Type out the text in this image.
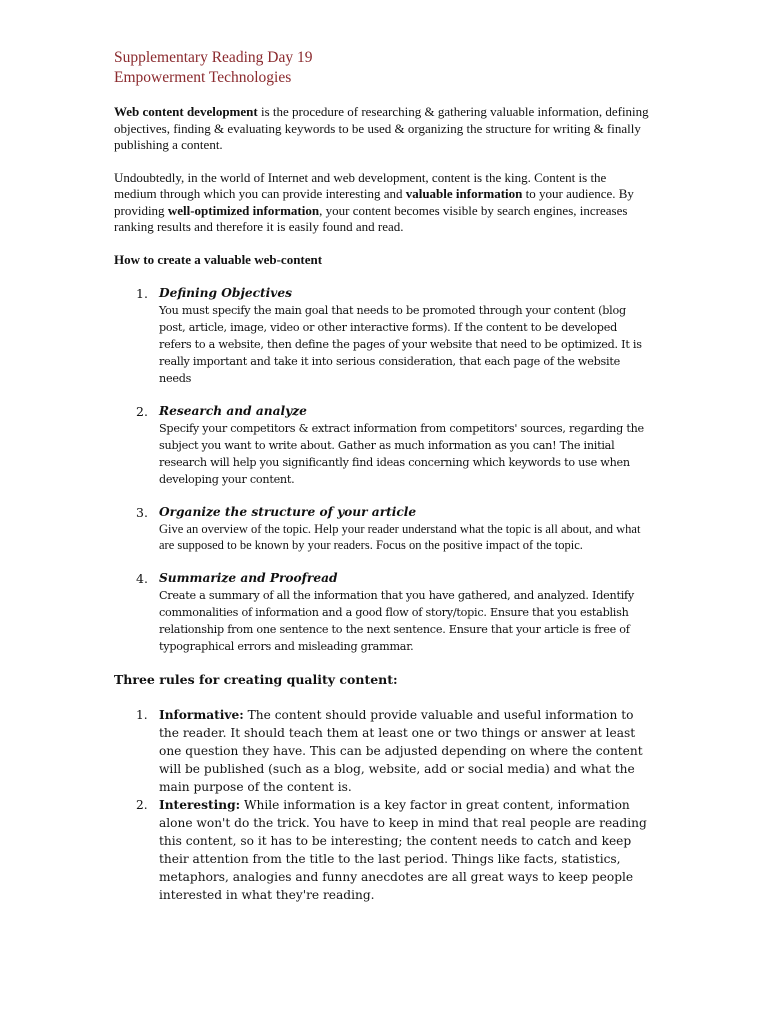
Supplementary Reading Day 19

Empowerment Technologies

Web content development is the procedure of researching & gathering valuable information, defining objectives, finding & evaluating keywords to be used & organizing the structure for writing & finally publishing a content.

Undoubtedly, in the world of Internet and web development, content is the king. Content is the medium through which you can provide interesting and valuable information to your audience. By providing well-optimized information, your content becomes visible by search engines, increases ranking results and therefore it is easily found and read.

How to create a valuable web-content

1. Defining Objectives
You must specify the main goal that needs to be promoted through your content (blog post, article, image, video or other interactive forms). If the content to be developed refers to a website, then define the pages of your website that need to be optimized. It is really important and take it into serious consideration, that each page of the website needs
2. Research and analyze
Specify your competitors & extract information from competitors' sources, regarding the subject you want to write about. Gather as much information as you can! The initial research will help you significantly find ideas concerning which keywords to use when developing your content.
3. Organize the structure of your article
Give an overview of the topic. Help your reader understand what the topic is all about, and what are supposed to be known by your readers. Focus on the positive impact of the topic.
4. Summarize and Proofread
Create a summary of all the information that you have gathered, and analyzed. Identify commonalities of information and a good flow of story/topic. Ensure that you establish relationship from one sentence to the next sentence. Ensure that your article is free of typographical errors and misleading grammar.

Three rules for creating quality content:

1. Informative: The content should provide valuable and useful information to the reader. It should teach them at least one or two things or answer at least one question they have. This can be adjusted depending on where the content will be published (such as a blog, website, add or social media) and what the main purpose of the content is.
2. Interesting: While information is a key factor in great content, information alone won't do the trick. You have to keep in mind that real people are reading this content, so it has to be interesting; the content needs to catch and keep their attention from the title to the last period. Things like facts, statistics, metaphors, analogies and funny anecdotes are all great ways to keep people interested in what they're reading.
